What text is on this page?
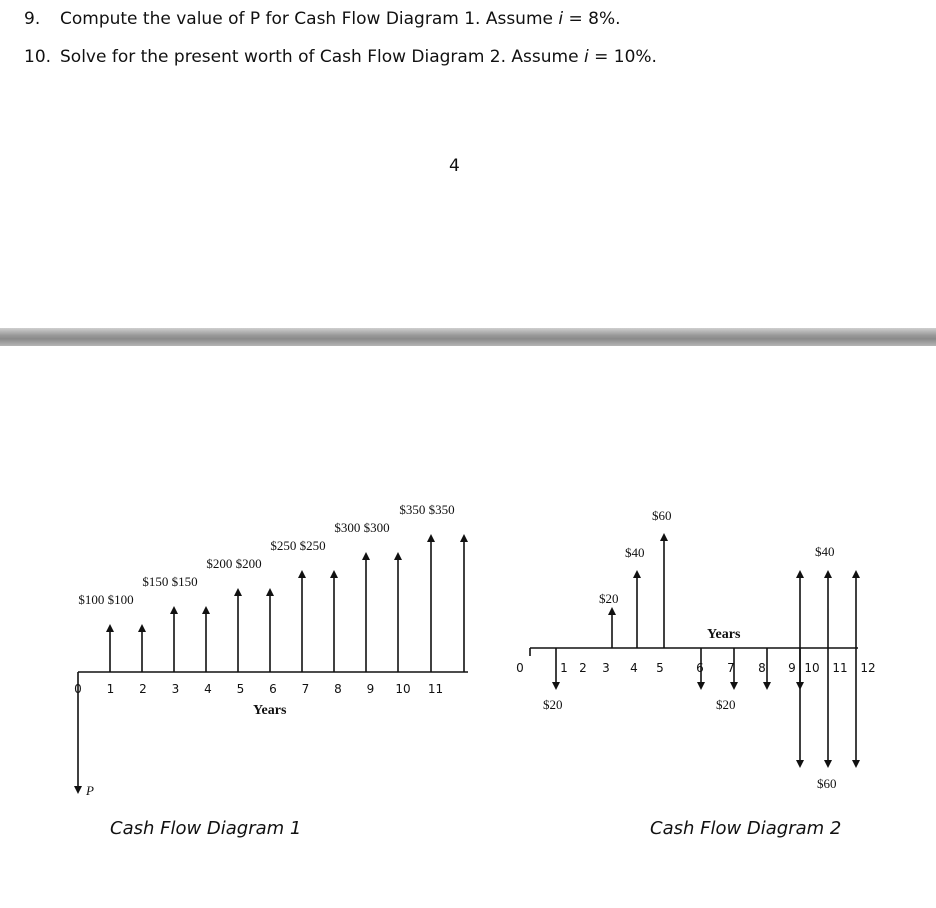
9. Compute the value of P for Cash Flow Diagram 1. Assume i = 8%.
10. Solve for the present worth of Cash Flow Diagram 2. Assume i = 10%.
4
0 1 2 3 4 5 6 7 8 9 10 11
$100 $100
$150 $150
$200 $200
$250 $250
$300 $300
$350 $350
P
Years
Cash Flow Diagram 1
0	1 2 3 4 5	6 7 8 9 10 11 12
$20
$20
$40
$60
$20
$40
$60
Years
Cash Flow Diagram 2
